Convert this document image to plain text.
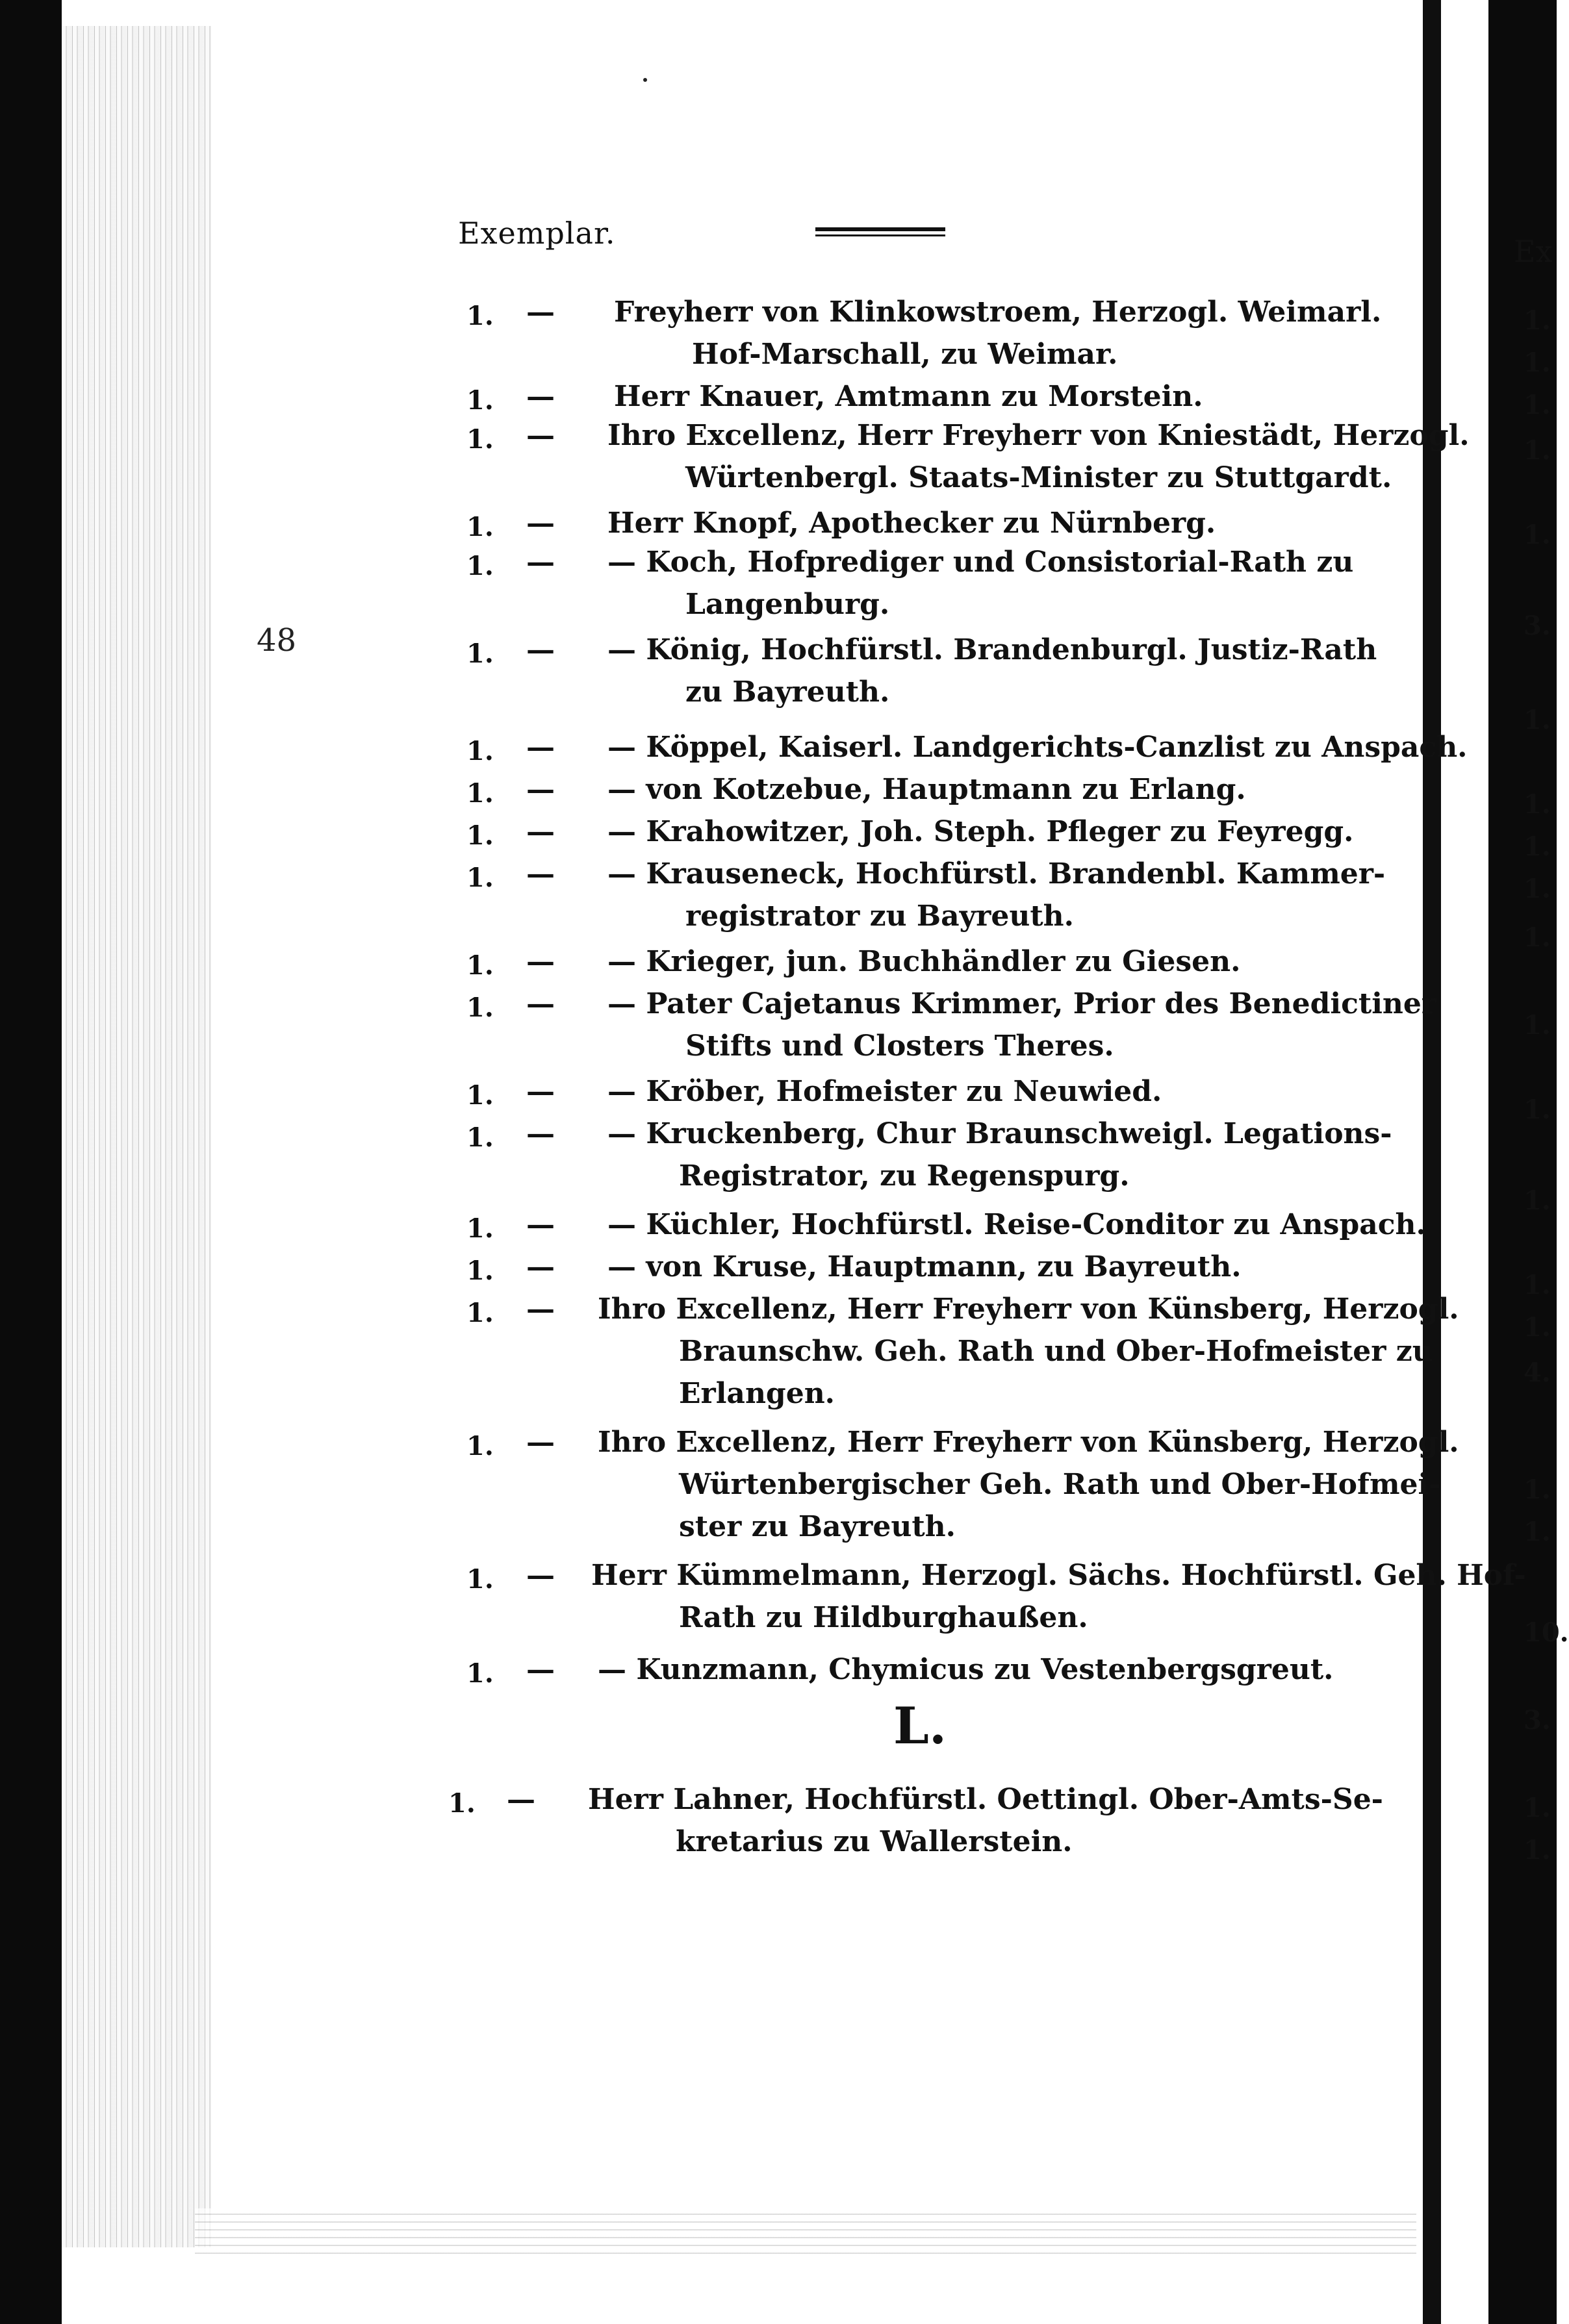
Exemplar.
48
Ex
1. — Freyherr von Klinkowstroem, Herzogl. Weimarl.
Hof-Marschall, zu Weimar.
1. — Herr Knauer, Amtmann zu Morstein.
1. — Ihro Excellenz, Herr Freyherr von Kniestädt, Herzogl.
Würtenbergl. Staats-Minister zu Stuttgardt.
1. — Herr Knopf, Apothecker zu Nürnberg.
1. — — Koch, Hofprediger und Consistorial-Rath zu
Langenburg.
1. — — König, Hochfürstl. Brandenburgl. Justiz-Rath
zu Bayreuth.
1. — — Köppel, Kaiserl. Landgerichts-Canzlist zu Anspach.
1. — — von Kotzebue, Hauptmann zu Erlang.
1. — — Krahowitzer, Joh. Steph. Pfleger zu Feyregg.
1. — — Krauseneck, Hochfürstl. Brandenbl. Kammer-
registrator zu Bayreuth.
1. — — Krieger, jun. Buchhändler zu Giesen.
1. — — Pater Cajetanus Krimmer, Prior des Benedictiner
Stifts und Closters Theres.
1. — — Kröber, Hofmeister zu Neuwied.
1. — — Kruckenberg, Chur Braunschweigl. Legations-
Registrator, zu Regenspurg.
1. — — Küchler, Hochfürstl. Reise-Conditor zu Anspach.
1. — — von Kruse, Hauptmann, zu Bayreuth.
1. — Ihro Excellenz, Herr Freyherr von Künsberg, Herzogl.
Braunschw. Geh. Rath und Ober-Hofmeister zu
Erlangen.
1. — Ihro Excellenz, Herr Freyherr von Künsberg, Herzogl.
Würtenbergischer Geh. Rath und Ober-Hofmei-
ster zu Bayreuth.
1. — Herr Kümmelmann, Herzogl. Sächs. Hochfürstl. Geh. Hof-
Rath zu Hildburghaußen.
1. — — Kunzmann, Chymicus zu Vestenbergsgreut.
L.
1. — Herr Lahner, Hochfürstl. Oettingl. Ober-Amts-Se-
kretarius zu Wallerstein.
1.
1.
1.
1.
1.
3.
1.
1.
1.
1.
1.
1.
1.
1.
1.
1.
4.
1.
1.
10.
3.
1.
1.
